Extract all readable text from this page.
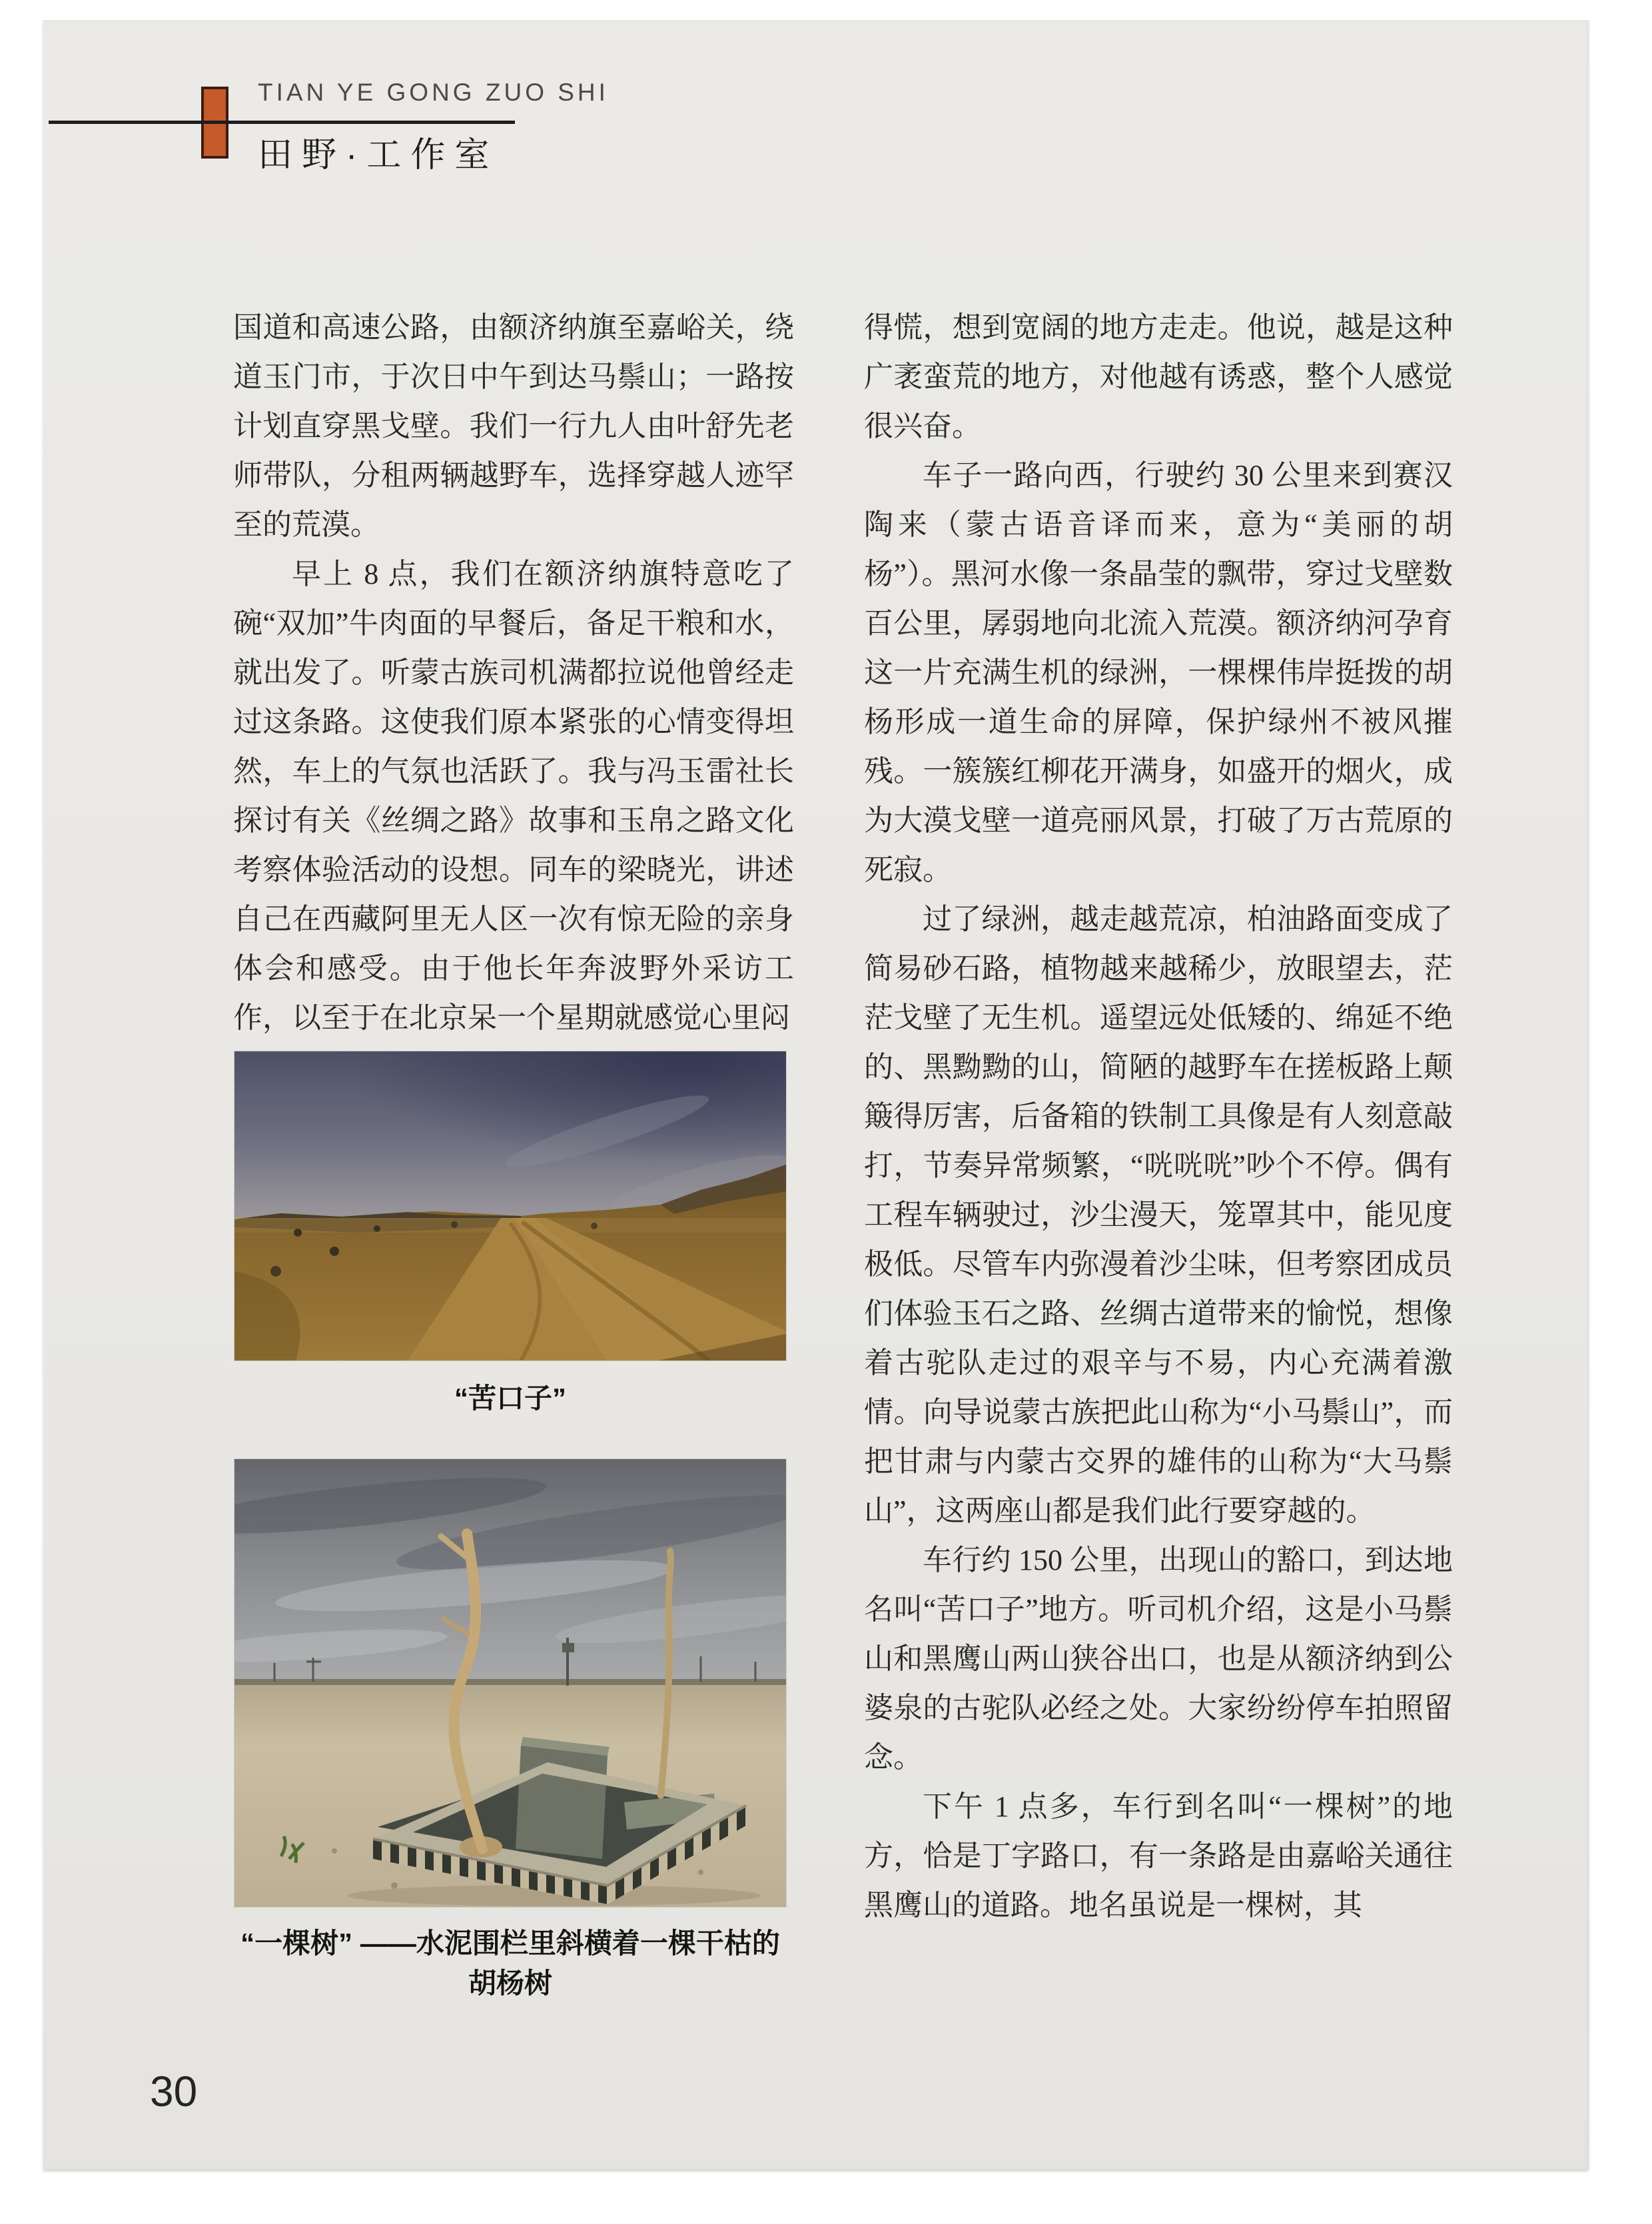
TIAN YE GONG ZUO SHI
田野·工作室

国道和高速公路，由额济纳旗至嘉峪关，绕道玉门市，于次日中午到达马鬃山；一路按计划直穿黑戈壁。我们一行九人由叶舒先老师带队，分租两辆越野车，选择穿越人迹罕至的荒漠。

早上 8 点，我们在额济纳旗特意吃了碗“双加”牛肉面的早餐后，备足干粮和水，就出发了。听蒙古族司机满都拉说他曾经走过这条路。这使我们原本紧张的心情变得坦然，车上的气氛也活跃了。我与冯玉雷社长探讨有关《丝绸之路》故事和玉帛之路文化考察体验活动的设想。同车的梁晓光，讲述自己在西藏阿里无人区一次有惊无险的亲身体会和感受。由于他长年奔波野外采访工作，以至于在北京呆一个星期就感觉心里闷

“苦口子”
“一棵树” ——水泥围栏里斜横着一棵干枯的胡杨树

得慌，想到宽阔的地方走走。他说，越是这种广袤蛮荒的地方，对他越有诱惑，整个人感觉很兴奋。

车子一路向西，行驶约 30 公里来到赛汉陶来（蒙古语音译而来，意为“美丽的胡杨”）。黑河水像一条晶莹的飘带，穿过戈壁数百公里，孱弱地向北流入荒漠。额济纳河孕育这一片充满生机的绿洲，一棵棵伟岸挺拨的胡杨形成一道生命的屏障，保护绿州不被风摧残。一簇簇红柳花开满身，如盛开的烟火，成为大漠戈壁一道亮丽风景，打破了万古荒原的死寂。

过了绿洲，越走越荒凉，柏油路面变成了简易砂石路，植物越来越稀少，放眼望去，茫茫戈壁了无生机。遥望远处低矮的、绵延不绝的、黑黝黝的山，简陋的越野车在搓板路上颠簸得厉害，后备箱的铁制工具像是有人刻意敲打，节奏异常频繁，“咣咣咣”吵个不停。偶有工程车辆驶过，沙尘漫天，笼罩其中，能见度极低。尽管车内弥漫着沙尘味，但考察团成员们体验玉石之路、丝绸古道带来的愉悦，想像着古驼队走过的艰辛与不易，内心充满着激情。向导说蒙古族把此山称为“小马鬃山”，而把甘肃与内蒙古交界的雄伟的山称为“大马鬃山”，这两座山都是我们此行要穿越的。

车行约 150 公里，出现山的豁口，到达地名叫“苦口子”地方。听司机介绍，这是小马鬃山和黑鹰山两山狭谷出口，也是从额济纳到公婆泉的古驼队必经之处。大家纷纷停车拍照留念。

下午 1 点多，车行到名叫“一棵树”的地方，恰是丁字路口，有一条路是由嘉峪关通往黑鹰山的道路。地名虽说是一棵树，其

30
